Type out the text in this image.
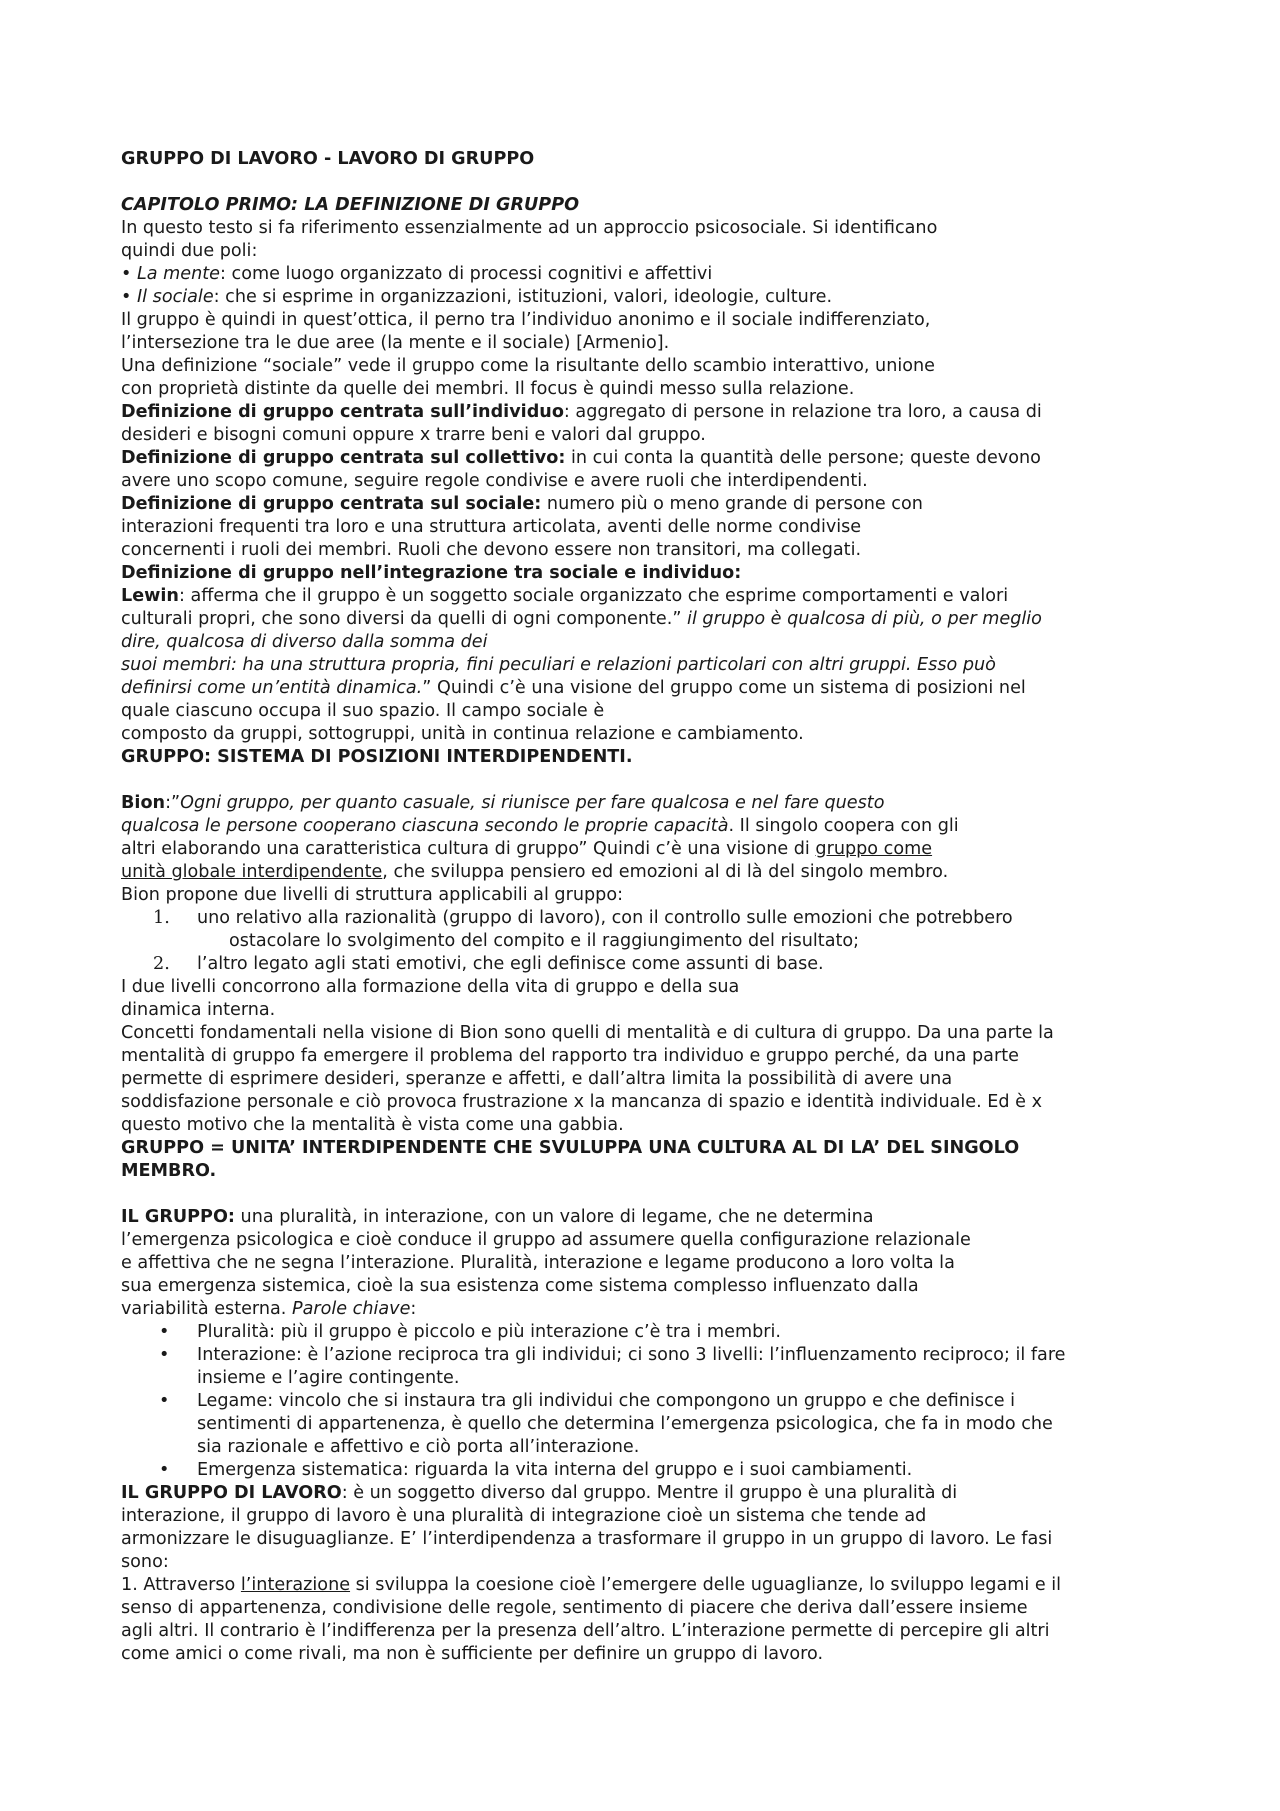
GRUPPO DI LAVORO - LAVORO DI GRUPPO
CAPITOLO PRIMO: LA DEFINIZIONE DI GRUPPO
In questo testo si fa riferimento essenzialmente ad un approccio psicosociale. Si identificano
quindi due poli:
• La mente: come luogo organizzato di processi cognitivi e affettivi
• Il sociale: che si esprime in organizzazioni, istituzioni, valori, ideologie, culture.
Il gruppo è quindi in quest’ottica, il perno tra l’individuo anonimo e il sociale indifferenziato,
l’intersezione tra le due aree (la mente e il sociale) [Armenio].
Una definizione “sociale” vede il gruppo come la risultante dello scambio interattivo, unione
con proprietà distinte da quelle dei membri. Il focus è quindi messo sulla relazione.
Definizione di gruppo centrata sull’individuo: aggregato di persone in relazione tra loro, a causa di
desideri e bisogni comuni oppure x trarre beni e valori dal gruppo.
Definizione di gruppo centrata sul collettivo: in cui conta la quantità delle persone; queste devono
avere uno scopo comune, seguire regole condivise e avere ruoli che interdipendenti.
Definizione di gruppo centrata sul sociale: numero più o meno grande di persone con
interazioni frequenti tra loro e una struttura articolata, aventi delle norme condivise
concernenti i ruoli dei membri. Ruoli che devono essere non transitori, ma collegati.
Definizione di gruppo nell’integrazione tra sociale e individuo:
Lewin: afferma che il gruppo è un soggetto sociale organizzato che esprime comportamenti e valori
culturali propri, che sono diversi da quelli di ogni componente.” il gruppo è qualcosa di più, o per meglio
dire, qualcosa di diverso dalla somma dei
suoi membri: ha una struttura propria, fini peculiari e relazioni particolari con altri gruppi. Esso può
definirsi come un’entità dinamica.” Quindi c’è una visione del gruppo come un sistema di posizioni nel
quale ciascuno occupa il suo spazio. Il campo sociale è
composto da gruppi, sottogruppi, unità in continua relazione e cambiamento.
GRUPPO: SISTEMA DI POSIZIONI INTERDIPENDENTI.
Bion:”Ogni gruppo, per quanto casuale, si riunisce per fare qualcosa e nel fare questo
qualcosa le persone cooperano ciascuna secondo le proprie capacità. Il singolo coopera con gli
altri elaborando una caratteristica cultura di gruppo” Quindi c’è una visione di gruppo come
unità globale interdipendente, che sviluppa pensiero ed emozioni al di là del singolo membro.
Bion propone due livelli di struttura applicabili al gruppo:
1. uno relativo alla razionalità (gruppo di lavoro), con il controllo sulle emozioni che potrebbero
ostacolare lo svolgimento del compito e il raggiungimento del risultato;
2. l’altro legato agli stati emotivi, che egli definisce come assunti di base.
I due livelli concorrono alla formazione della vita di gruppo e della sua
dinamica interna.
Concetti fondamentali nella visione di Bion sono quelli di mentalità e di cultura di gruppo. Da una parte la
mentalità di gruppo fa emergere il problema del rapporto tra individuo e gruppo perché, da una parte
permette di esprimere desideri, speranze e affetti, e dall’altra limita la possibilità di avere una
soddisfazione personale e ciò provoca frustrazione x la mancanza di spazio e identità individuale. Ed è x
questo motivo che la mentalità è vista come una gabbia.
GRUPPO = UNITA’ INTERDIPENDENTE CHE SVULUPPA UNA CULTURA AL DI LA’ DEL SINGOLO
MEMBRO.
IL GRUPPO: una pluralità, in interazione, con un valore di legame, che ne determina
l’emergenza psicologica e cioè conduce il gruppo ad assumere quella configurazione relazionale
e affettiva che ne segna l’interazione. Pluralità, interazione e legame producono a loro volta la
sua emergenza sistemica, cioè la sua esistenza come sistema complesso influenzato dalla
variabilità esterna. Parole chiave:
• Pluralità: più il gruppo è piccolo e più interazione c’è tra i membri.
• Interazione: è l’azione reciproca tra gli individui; ci sono 3 livelli: l’influenzamento reciproco; il fare
insieme e l’agire contingente.
• Legame: vincolo che si instaura tra gli individui che compongono un gruppo e che definisce i
sentimenti di appartenenza, è quello che determina l’emergenza psicologica, che fa in modo che
sia razionale e affettivo e ciò porta all’interazione.
• Emergenza sistematica: riguarda la vita interna del gruppo e i suoi cambiamenti.
IL GRUPPO DI LAVORO: è un soggetto diverso dal gruppo. Mentre il gruppo è una pluralità di
interazione, il gruppo di lavoro è una pluralità di integrazione cioè un sistema che tende ad
armonizzare le disuguaglianze. E’ l’interdipendenza a trasformare il gruppo in un gruppo di lavoro. Le fasi
sono:
1. Attraverso l’interazione si sviluppa la coesione cioè l’emergere delle uguaglianze, lo sviluppo legami e il
senso di appartenenza, condivisione delle regole, sentimento di piacere che deriva dall’essere insieme
agli altri. Il contrario è l’indifferenza per la presenza dell’altro. L’interazione permette di percepire gli altri
come amici o come rivali, ma non è sufficiente per definire un gruppo di lavoro.
